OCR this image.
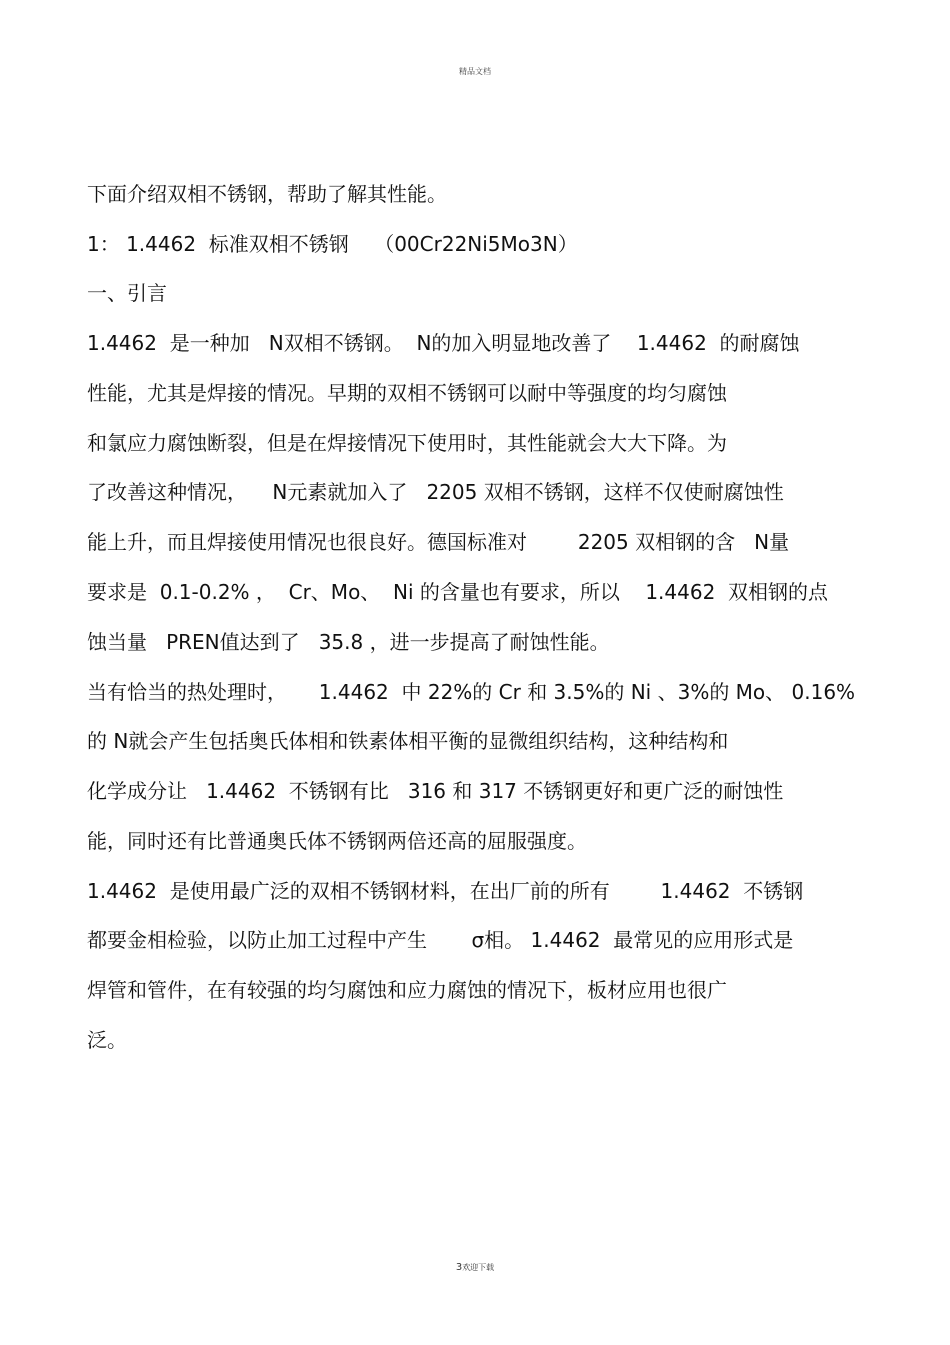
精品文档
下面介绍双相不锈钢，帮助了解其性能。
1： 1.4462  标准双相不锈钢    （00Cr22Ni5Mo3N）
一、引言
1.4462  是一种加   N双相不锈钢。  N的加入明显地改善了    1.4462  的耐腐蚀
性能，尤其是焊接的情况。早期的双相不锈钢可以耐中等强度的均匀腐蚀
和氯应力腐蚀断裂，但是在焊接情况下使用时，其性能就会大大下降。为
了改善这种情况，    N元素就加入了   2205 双相不锈钢，这样不仅使耐腐蚀性
能上升，而且焊接使用情况也很良好。德国标准对        2205 双相钢的含   N量
要求是  0.1-0.2% ，  Cr、Mo、  Ni 的含量也有要求，所以    1.4462  双相钢的点
蚀当量   PREN值达到了   35.8 ，进一步提高了耐蚀性能。
当有恰当的热处理时，     1.4462  中 22%的 Cr 和 3.5%的 Ni 、3%的 Mo、 0.16%
的 N就会产生包括奥氏体相和铁素体相平衡的显微组织结构，这种结构和
化学成分让   1.4462  不锈钢有比   316 和 317 不锈钢更好和更广泛的耐蚀性
能，同时还有比普通奥氏体不锈钢两倍还高的屈服强度。
1.4462  是使用最广泛的双相不锈钢材料，在出厂前的所有        1.4462  不锈钢
都要金相检验，以防止加工过程中产生       σ相。 1.4462  最常见的应用形式是
焊管和管件，在有较强的均匀腐蚀和应力腐蚀的情况下，板材应用也很广
泛。
3欢迎下载
